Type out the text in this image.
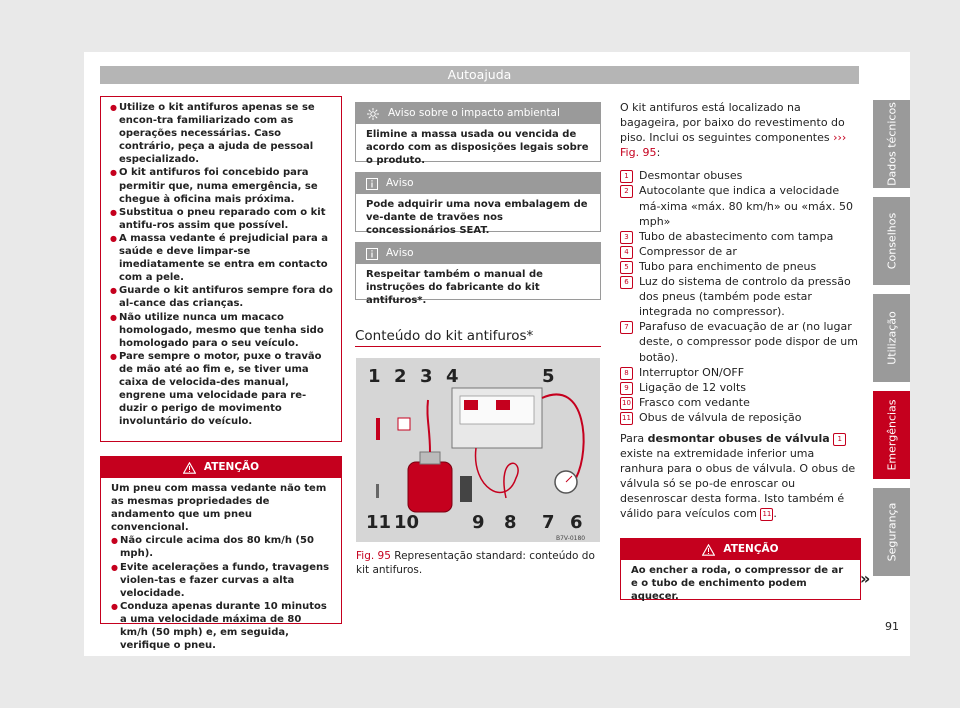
Autoajuda
● Utilize o kit antifuros apenas se se encon-tra familiarizado com as operações necessárias. Caso contrário, peça a ajuda de pessoal especializado.
● O kit antifuros foi concebido para permitir que, numa emergência, se chegue à oficina mais próxima.
● Substitua o pneu reparado com o kit antifu-ros assim que possível.
● A massa vedante é prejudicial para a saúde e deve limpar-se imediatamente se entra em contacto com a pele.
● Guarde o kit antifuros sempre fora do al-cance das crianças.
● Não utilize nunca um macaco homologado, mesmo que tenha sido homologado para o seu veículo.
● Pare sempre o motor, puxe o travão de mão até ao fim e, se tiver uma caixa de velocida-des manual, engrene uma velocidade para re-duzir o perigo de movimento involuntário do veículo.
ATENÇÃO
Um pneu com massa vedante não tem as mesmas propriedades de andamento que um pneu convencional.
● Não circule acima dos 80 km/h (50 mph).
● Evite acelerações a fundo, travagens violen-tas e fazer curvas a alta velocidade.
● Conduza apenas durante 10 minutos a uma velocidade máxima de 80 km/h (50 mph) e, em seguida, verifique o pneu.
Aviso sobre o impacto ambiental
Elimine a massa usada ou vencida de acordo com as disposições legais sobre o produto.
Aviso
Pode adquirir uma nova embalagem de ve-dante de travões nos concessionários SEAT.
Aviso
Respeitar também o manual de instruções do fabricante do kit antifuros*.
Conteúdo do kit antifuros*
1 2 3 4	5
11 10	9 8 7 6
B7V-0180
Fig. 95 Representação standard: conteúdo do kit antifuros.

O kit antifuros está localizado na bagageira, por baixo do revestimento do piso. Inclui os seguintes componentes ››› Fig. 95:

1 Desmontar obuses
2 Autocolante que indica a velocidade má-xima «máx. 80 km/h» ou «máx. 50 mph»
3 Tubo de abastecimento com tampa
4 Compressor de ar
5 Tubo para enchimento de pneus
6 Luz do sistema de controlo da pressão dos pneus (também pode estar integrada no compressor).
7 Parafuso de evacuação de ar (no lugar deste, o compressor pode dispor de um botão).
8 Interruptor ON/OFF
9 Ligação de 12 volts
10 Frasco com vedante
11 Obus de válvula de reposição

Para desmontar obuses de válvula 1 existe na extremidade inferior uma ranhura para o obus de válvula. O obus de válvula só se po-de enroscar ou desenroscar desta forma. Isto também é válido para veículos com 11 .

ATENÇÃO
Ao encher a roda, o compressor de ar e o tubo de enchimento podem aquecer.
»
Dados técnicos
Conselhos
Utilização
Emergências
Segurança
91
